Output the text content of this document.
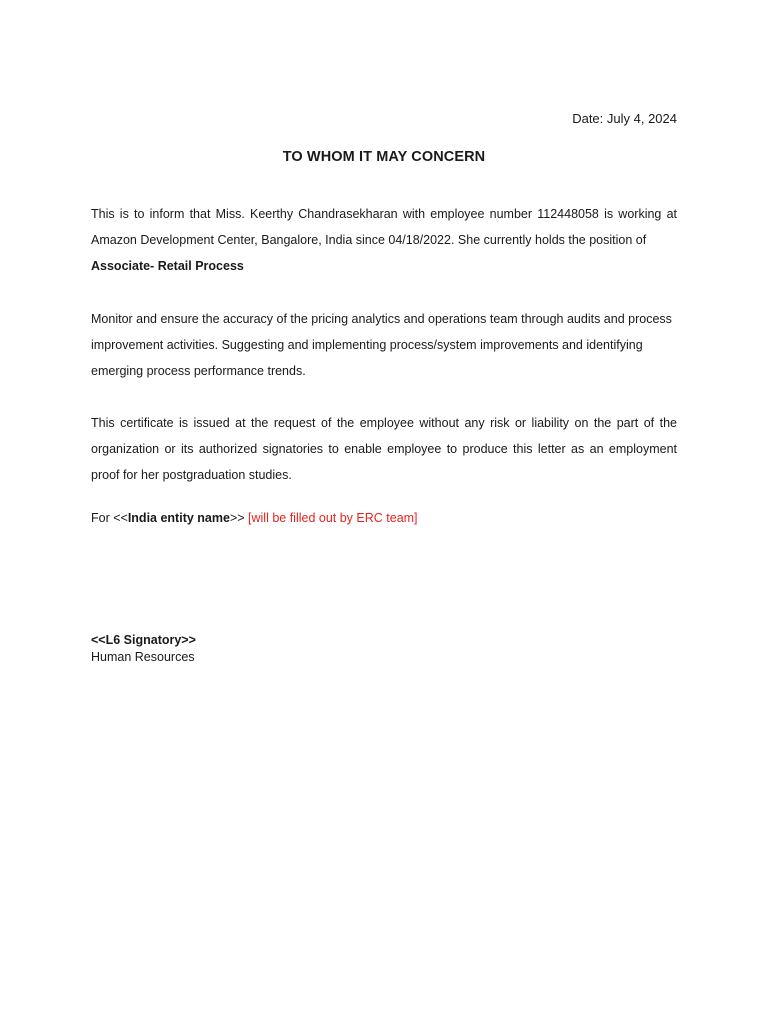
Date: July 4, 2024
TO WHOM IT MAY CONCERN

This is to inform that Miss. Keerthy Chandrasekharan with employee number 112448058 is working at Amazon Development Center, Bangalore, India since 04/18/2022. She currently holds the position of
Associate- Retail Process

Monitor and ensure the accuracy of the pricing analytics and operations team through audits and process improvement activities. Suggesting and implementing process/system improvements and identifying emerging process performance trends.

This certificate is issued at the request of the employee without any risk or liability on the part of the organization or its authorized signatories to enable employee to produce this letter as an employment proof for her postgraduation studies.

For <<India entity name>> [will be filled out by ERC team]
<<L6 Signatory>>
Human Resources
